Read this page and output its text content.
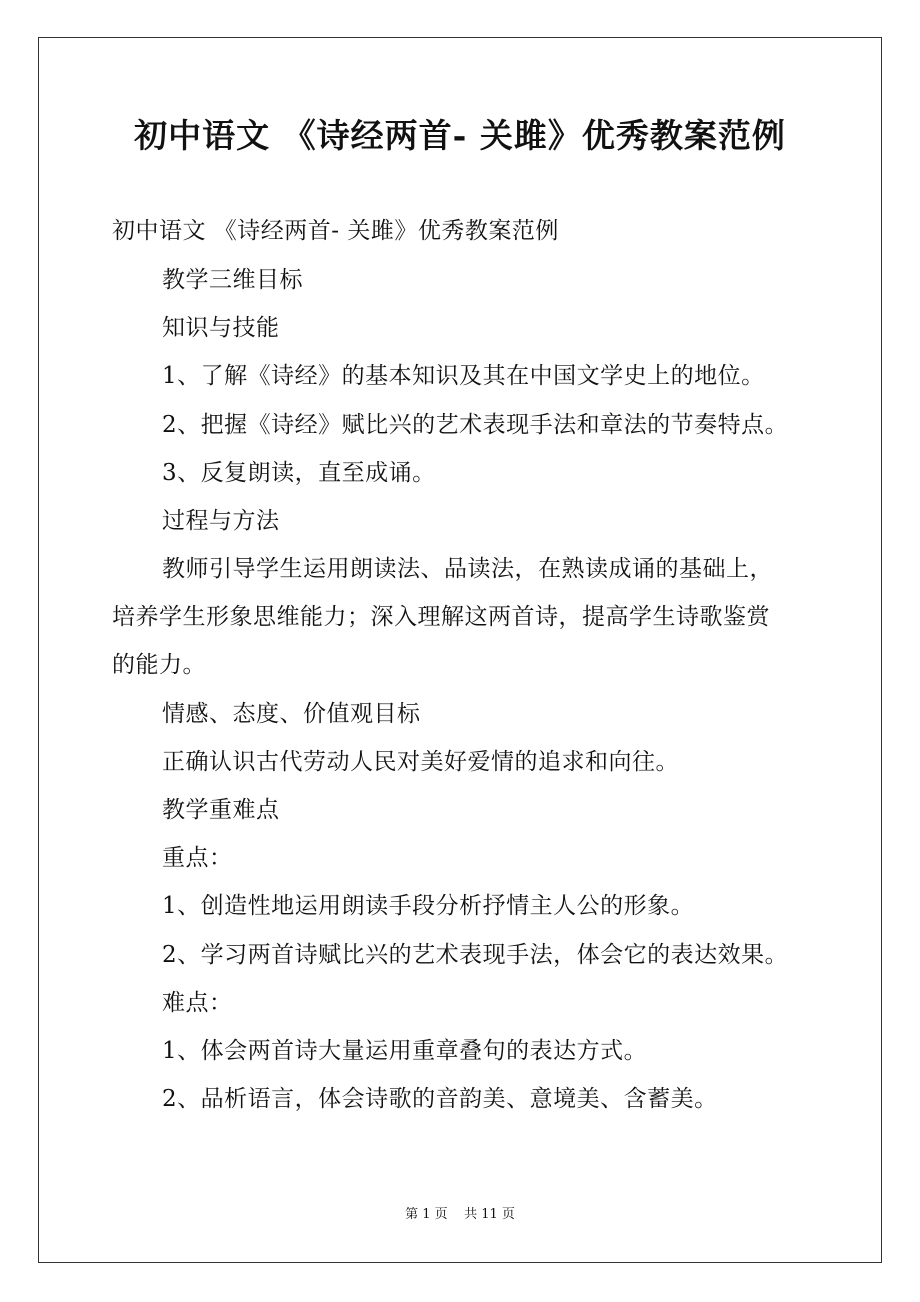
初中语文 《诗经两首- 关雎》优秀教案范例
初中语文 《诗经两首- 关雎》优秀教案范例
教学三维目标
知识与技能
1、了解《诗经》的基本知识及其在中国文学史上的地位。
2、把握《诗经》赋比兴的艺术表现手法和章法的节奏特点。
3、反复朗读，直至成诵。
过程与方法
教师引导学生运用朗读法、品读法，在熟读成诵的基础上，
培养学生形象思维能力；深入理解这两首诗，提高学生诗歌鉴赏
的能力。
情感、态度、价值观目标
正确认识古代劳动人民对美好爱情的追求和向往。
教学重难点
重点：
1、创造性地运用朗读手段分析抒情主人公的形象。
2、学习两首诗赋比兴的艺术表现手法，体会它的表达效果。
难点：
1、体会两首诗大量运用重章叠句的表达方式。
2、品析语言，体会诗歌的音韵美、意境美、含蓄美。
第 1 页    共 11 页
